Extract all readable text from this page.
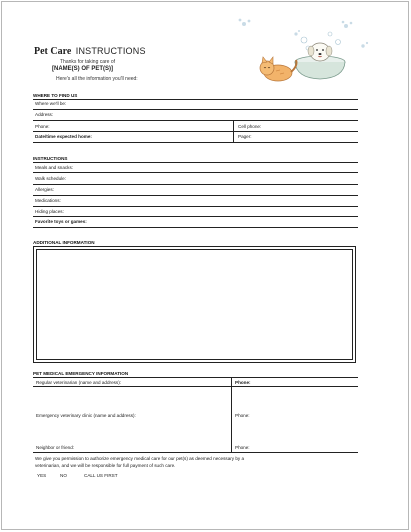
Pet Care INSTRUCTIONS
Thanks for taking care of
[NAME(S) OF PET(S)]
Here's all the information you'll need:
WHERE TO FIND US
Where we'll be:
Address:
Phone:	Cell phone:
Date/time expected home:	Pager:
INSTRUCTIONS
Meals and snacks:
Walk schedule:
Allergies:
Medications:
Hiding places:
Favorite toys or games:
ADDITIONAL INFORMATION
PET MEDICAL EMERGENCY INFORMATION
Regular veterinarian (name and address):	Phone:
Emergency veterinary clinic (name and address):	Phone:
Neighbor or friend:	Phone:
We give you permission to authorize emergency medical care for our pet(s) as deemed necessary by a
veterinarian, and we will be responsible for full payment of such care.
YES	NO	CALL US FIRST
